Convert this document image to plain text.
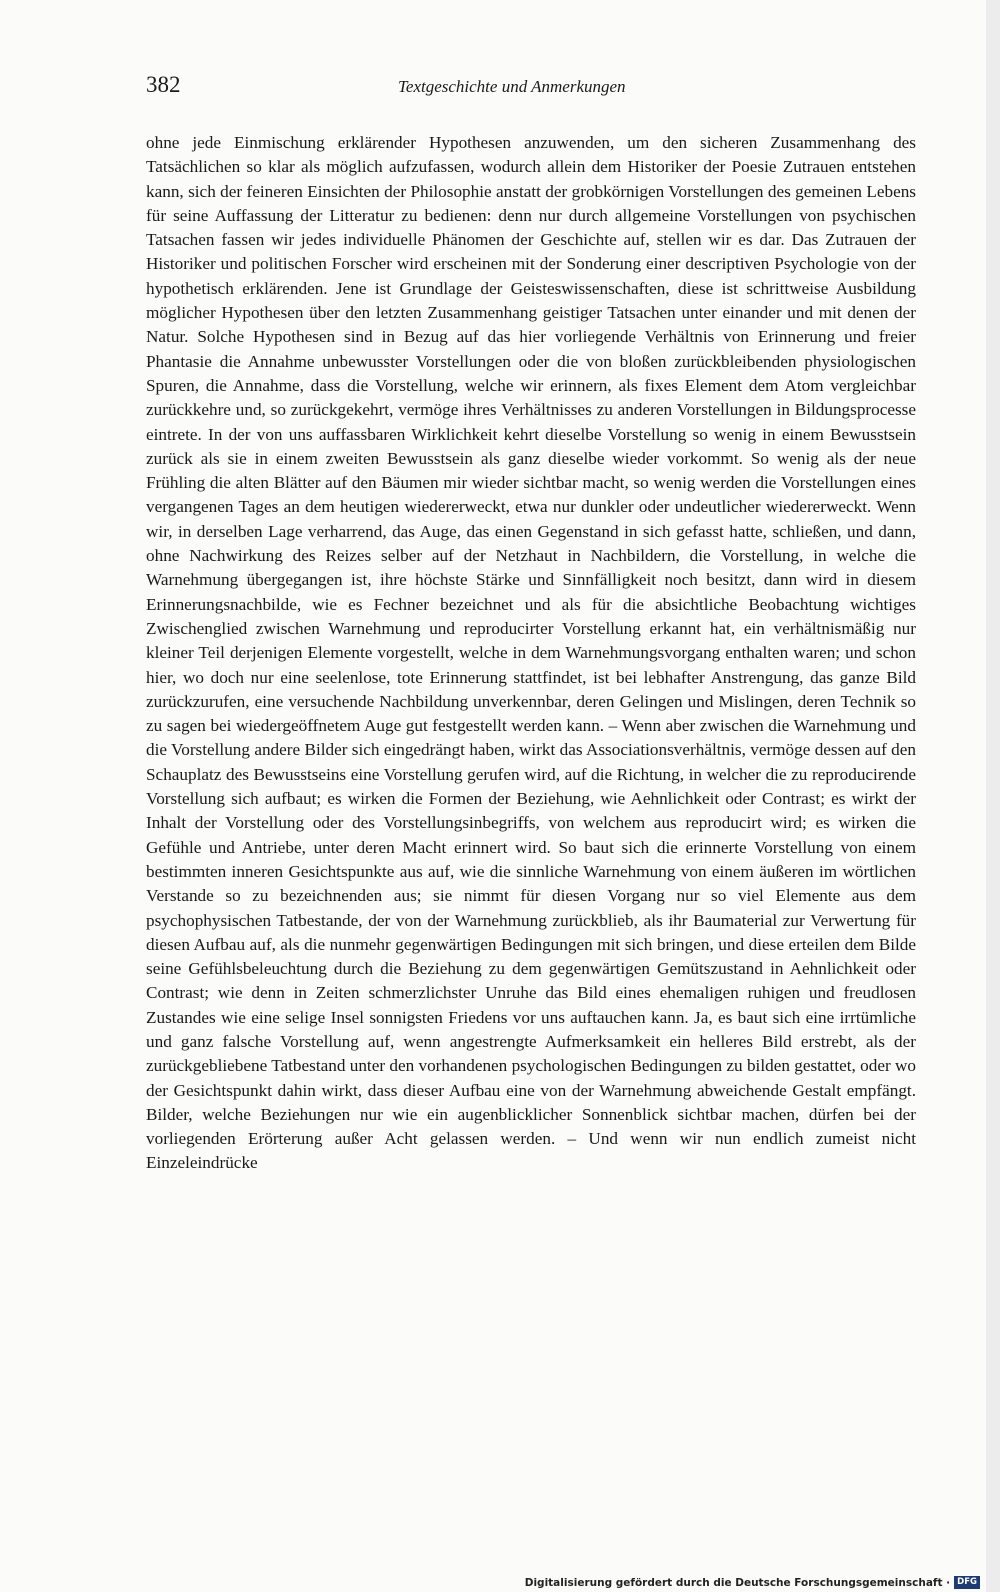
382	Textgeschichte und Anmerkungen

ohne jede Einmischung erklärender Hypothesen anzuwenden, um den sicheren Zusammenhang des Tatsächlichen so klar als möglich aufzufassen, wodurch allein dem Historiker der Poesie Zutrauen entstehen kann, sich der feineren Einsichten der Philosophie anstatt der grobkörnigen Vorstellungen des gemeinen Lebens für seine Auffassung der Litteratur zu bedienen: denn nur durch allgemeine Vorstellungen von psychischen Tatsachen fassen wir jedes individuelle Phänomen der Geschichte auf, stellen wir es dar. Das Zutrauen der Historiker und politischen Forscher wird erscheinen mit der Sonderung einer descriptiven Psychologie von der hypothetisch erklärenden. Jene ist Grundlage der Geisteswissenschaften, diese ist schrittweise Ausbildung möglicher Hypothesen über den letzten Zusammenhang geistiger Tatsachen unter einander und mit denen der Natur. Solche Hypothesen sind in Bezug auf das hier vorliegende Verhältnis von Erinnerung und freier Phantasie die Annahme unbewusster Vorstellungen oder die von bloßen zurückbleibenden physiologischen Spuren, die Annahme, dass die Vorstellung, welche wir erinnern, als fixes Element dem Atom vergleichbar zurückkehre und, so zurückgekehrt, vermöge ihres Verhältnisses zu anderen Vorstellungen in Bildungsprocesse eintrete. In der von uns auffassbaren Wirklichkeit kehrt dieselbe Vorstellung so wenig in einem Bewusstsein zurück als sie in einem zweiten Bewusstsein als ganz dieselbe wieder vorkommt. So wenig als der neue Frühling die alten Blätter auf den Bäumen mir wieder sichtbar macht, so wenig werden die Vorstellungen eines vergangenen Tages an dem heutigen wiedererweckt, etwa nur dunkler oder undeutlicher wiedererweckt. Wenn wir, in derselben Lage verharrend, das Auge, das einen Gegenstand in sich gefasst hatte, schließen, und dann, ohne Nachwirkung des Reizes selber auf der Netzhaut in Nachbildern, die Vorstellung, in welche die Warnehmung übergegangen ist, ihre höchste Stärke und Sinnfälligkeit noch besitzt, dann wird in diesem Erinnerungsnachbilde, wie es Fechner bezeichnet und als für die absichtliche Beobachtung wichtiges Zwischenglied zwischen Warnehmung und reproducirter Vorstellung erkannt hat, ein verhältnismäßig nur kleiner Teil derjenigen Elemente vorgestellt, welche in dem Warnehmungsvorgang enthalten waren; und schon hier, wo doch nur eine seelenlose, tote Erinnerung stattfindet, ist bei lebhafter Anstrengung, das ganze Bild zurückzurufen, eine versuchende Nachbildung unverkennbar, deren Gelingen und Mislingen, deren Technik so zu sagen bei wiedergeöffnetem Auge gut festgestellt werden kann. – Wenn aber zwischen die Warnehmung und die Vorstellung andere Bilder sich eingedrängt haben, wirkt das Associationsverhältnis, vermöge dessen auf den Schauplatz des Bewusstseins eine Vorstellung gerufen wird, auf die Richtung, in welcher die zu reproducirende Vorstellung sich aufbaut; es wirken die Formen der Beziehung, wie Aehnlichkeit oder Contrast; es wirkt der Inhalt der Vorstellung oder des Vorstellungsinbegriffs, von welchem aus reproducirt wird; es wirken die Gefühle und Antriebe, unter deren Macht erinnert wird. So baut sich die erinnerte Vorstellung von einem bestimmten inneren Gesichtspunkte aus auf, wie die sinnliche Warnehmung von einem äußeren im wörtlichen Verstande so zu bezeichnenden aus; sie nimmt für diesen Vorgang nur so viel Elemente aus dem psychophysischen Tatbestande, der von der Warnehmung zurückblieb, als ihr Baumaterial zur Verwertung für diesen Aufbau auf, als die nunmehr gegenwärtigen Bedingungen mit sich bringen, und diese erteilen dem Bilde seine Gefühlsbeleuchtung durch die Beziehung zu dem gegenwärtigen Gemütszustand in Aehnlichkeit oder Contrast; wie denn in Zeiten schmerzlichster Unruhe das Bild eines ehemaligen ruhigen und freudlosen Zustandes wie eine selige Insel sonnigsten Friedens vor uns auftauchen kann. Ja, es baut sich eine irrtümliche und ganz falsche Vorstellung auf, wenn angestrengte Aufmerksamkeit ein helleres Bild erstrebt, als der zurückgebliebene Tatbestand unter den vorhandenen psychologischen Bedingungen zu bilden gestattet, oder wo der Gesichtspunkt dahin wirkt, dass dieser Aufbau eine von der Warnehmung abweichende Gestalt empfängt. Bilder, welche Beziehungen nur wie ein augenblicklicher Sonnenblick sichtbar machen, dürfen bei der vorliegenden Erörterung außer Acht gelassen werden. – Und wenn wir nun endlich zumeist nicht Einzeleindrücke

Digitalisierung gefördert durch die Deutsche Forschungsgemeinschaft · DFG
